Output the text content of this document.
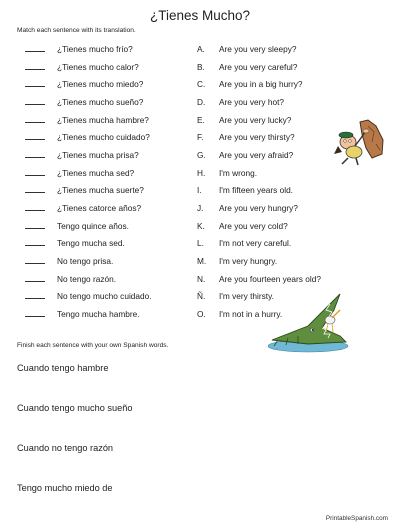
¿Tienes Mucho?
Match each sentence with its translation.
¿Tienes mucho frío?	A. Are you very sleepy?
¿Tienes mucho calor?	B. Are you very careful?
¿Tienes mucho miedo?	C. Are you in a big hurry?
¿Tienes mucho sueño?	D. Are you very hot?
¿Tienes mucha hambre?	E. Are you very lucky?
¿Tienes mucho cuidado?	F. Are you very thirsty?
¿Tienes mucha prisa?	G. Are you very afraid?
¿Tienes mucha sed?	H. I'm wrong.
¿Tienes mucha suerte?	I. I'm fifteen years old.
¿Tienes catorce años?	J. Are you very hungry?
Tengo quince años.	K. Are you very cold?
Tengo mucha sed.	L. I'm not very careful.
No tengo prisa.	M. I'm very hungry.
No tengo razón.	N. Are you fourteen years old?
No tengo mucho cuidado.	Ñ. I'm very thirsty.
Tengo mucha hambre.	O. I'm not in a hurry.
Finish each sentence with your own Spanish words.
Cuando tengo hambre
Cuando tengo mucho sueño
Cuando no tengo razón
Tengo mucho miedo de
PrintableSpanish.com
